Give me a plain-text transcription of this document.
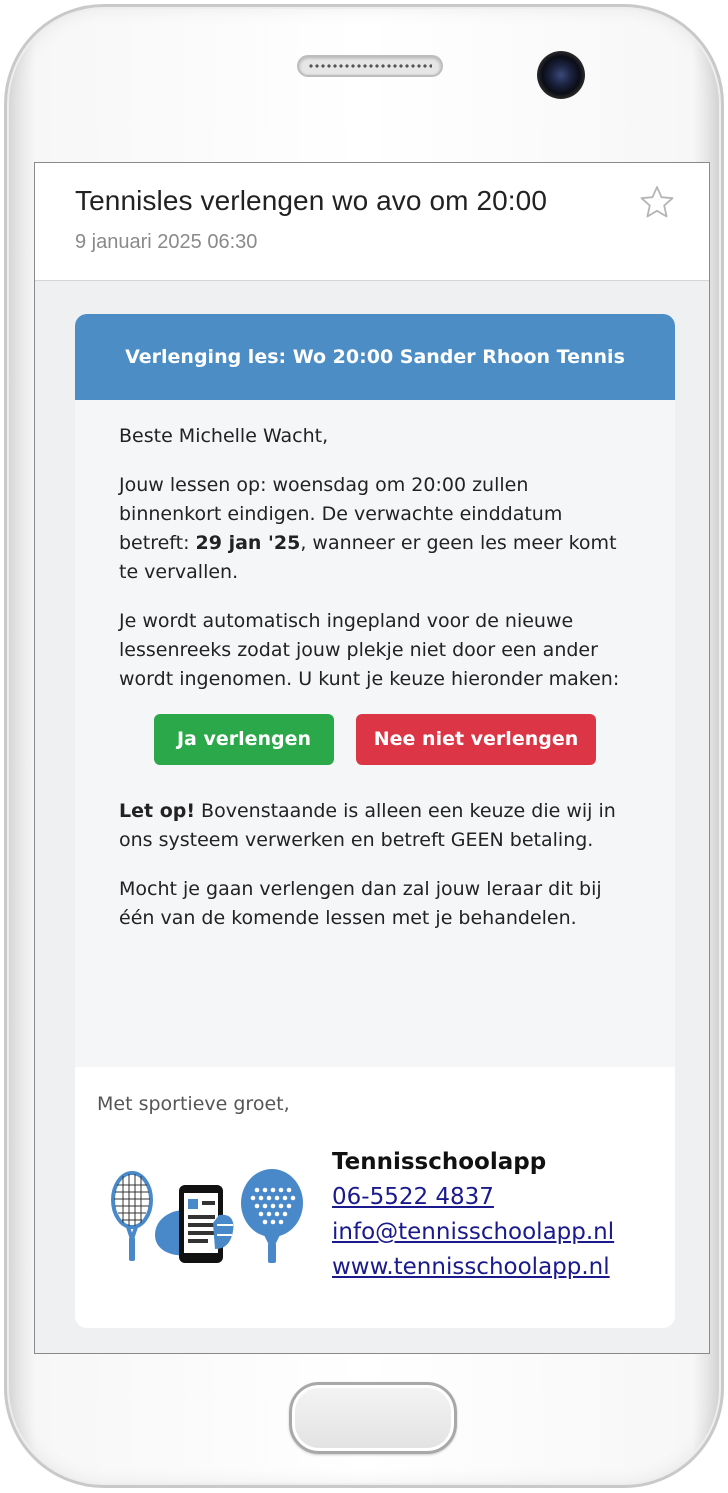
Tennisles verlengen wo avo om 20:00
9 januari 2025 06:30
Verlenging les: Wo 20:00 Sander Rhoon Tennis

Beste Michelle Wacht,

Jouw lessen op: woensdag om 20:00 zullen binnenkort eindigen. De verwachte einddatum betreft: 29 jan '25, wanneer er geen les meer komt te vervallen.

Je wordt automatisch ingepland voor de nieuwe lessenreeks zodat jouw plekje niet door een ander wordt ingenomen. U kunt je keuze hieronder maken:

Ja verlengen	Nee niet verlengen

Let op! Bovenstaande is alleen een keuze die wij in ons systeem verwerken en betreft GEEN betaling.

Mocht je gaan verlengen dan zal jouw leraar dit bij één van de komende lessen met je behandelen.

Met sportieve groet,
Tennisschoolapp
06-5522 4837
info@tennisschoolapp.nl
www.tennisschoolapp.nl
